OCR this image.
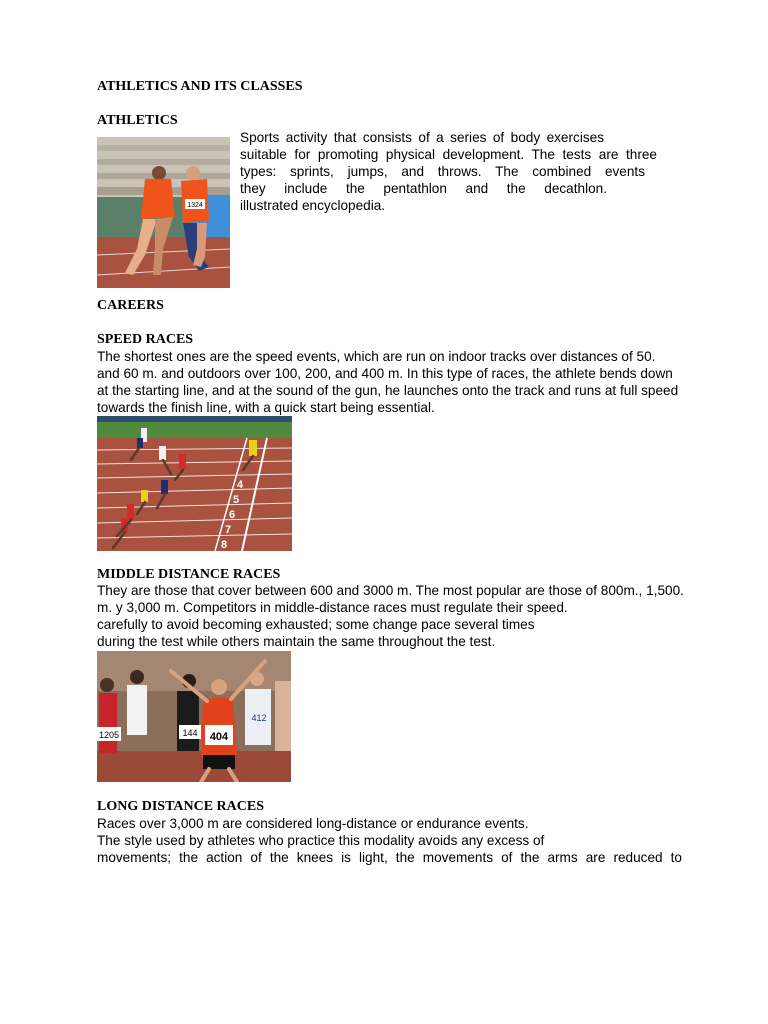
ATHLETICS AND ITS CLASSES
ATHLETICS
1324
Sports activity that consists of a series of body exercises
suitable for promoting physical development. The tests are three
types: sprints, jumps, and throws. The combined events
they include the pentathlon and the decathlon.
illustrated encyclopedia.
CAREERS
SPEED RACES
The shortest ones are the speed events, which are run on indoor tracks over distances of 50.
and 60 m. and outdoors over 100, 200, and 400 m. In this type of races, the athlete bends down
at the starting line, and at the sound of the gun, he launches onto the track and runs at full speed
towards the finish line, with a quick start being essential.
4
5
6
7
8
MIDDLE DISTANCE RACES
They are those that cover between 600 and 3000 m. The most popular are those of 800m., 1,500.
m. y 3,000 m. Competitors in middle-distance races must regulate their speed.
carefully to avoid becoming exhausted; some change pace several times
during the test while others maintain the same throughout the test.
1205	144 404
412
LONG DISTANCE RACES
Races over 3,000 m are considered long-distance or endurance events.
The style used by athletes who practice this modality avoids any excess of
movements; the action of the knees is light, the movements of the arms are reduced to
